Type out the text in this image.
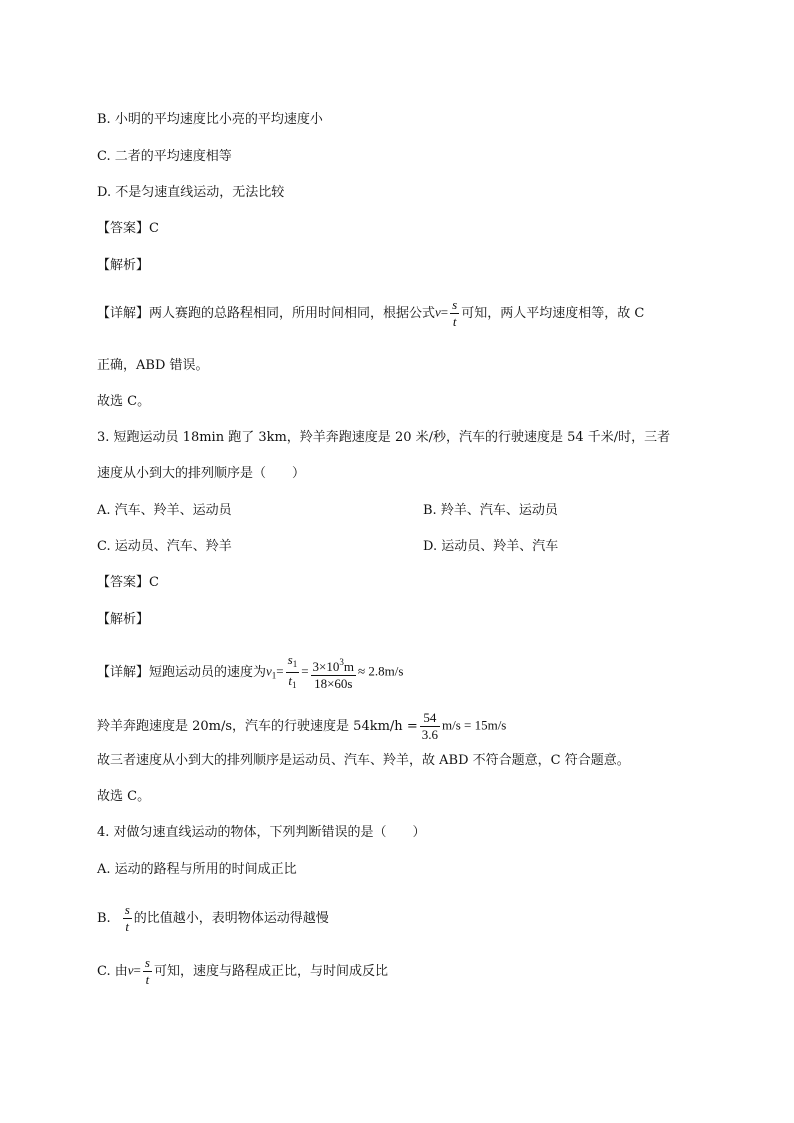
B. 小明的平均速度比小亮的平均速度小
C. 二者的平均速度相等
D. 不是匀速直线运动，无法比较
【答案】C
【解析】
【详解】两人赛跑的总路程相同，所用时间相同，根据公式$v= \frac{s}{t}$ 可知，两人平均速度相等，故 C
正确，ABD 错误。
故选 C。
3. 短跑运动员 18min 跑了 3km，羚羊奔跑速度是 20 米/秒，汽车的行驶速度是 54 千米/时，三者
速度从小到大的排列顺序是（　　）
A. 汽车、羚羊、运动员	B. 羚羊、汽车、运动员
C. 运动员、汽车、羚羊	D. 运动员、羚羊、汽车
【答案】C
【解析】
【详解】短跑运动员的速度为$v_1= \frac{s_1}{t_1} = \frac{3\times 10^3m}{18\times 60s} \approx 2.8m/s$
羚羊奔跑速度是 20m/s，汽车的行驶速度是 $54km/h = \frac{54}{3.6} m/s = 15m/s$
故三者速度从小到大的排列顺序是运动员、汽车、羚羊，故 ABD 不符合题意，C 符合题意。
故选 C。
4. 对做匀速直线运动的物体，下列判断错误的是（　　）
A. 运动的路程与所用的时间成正比
B. $\frac{s}{t}$ 的比值越小，表明物体运动得越慢
C. 由$v= \frac{s}{t}$ 可知，速度与路程成正比，与时间成反比
